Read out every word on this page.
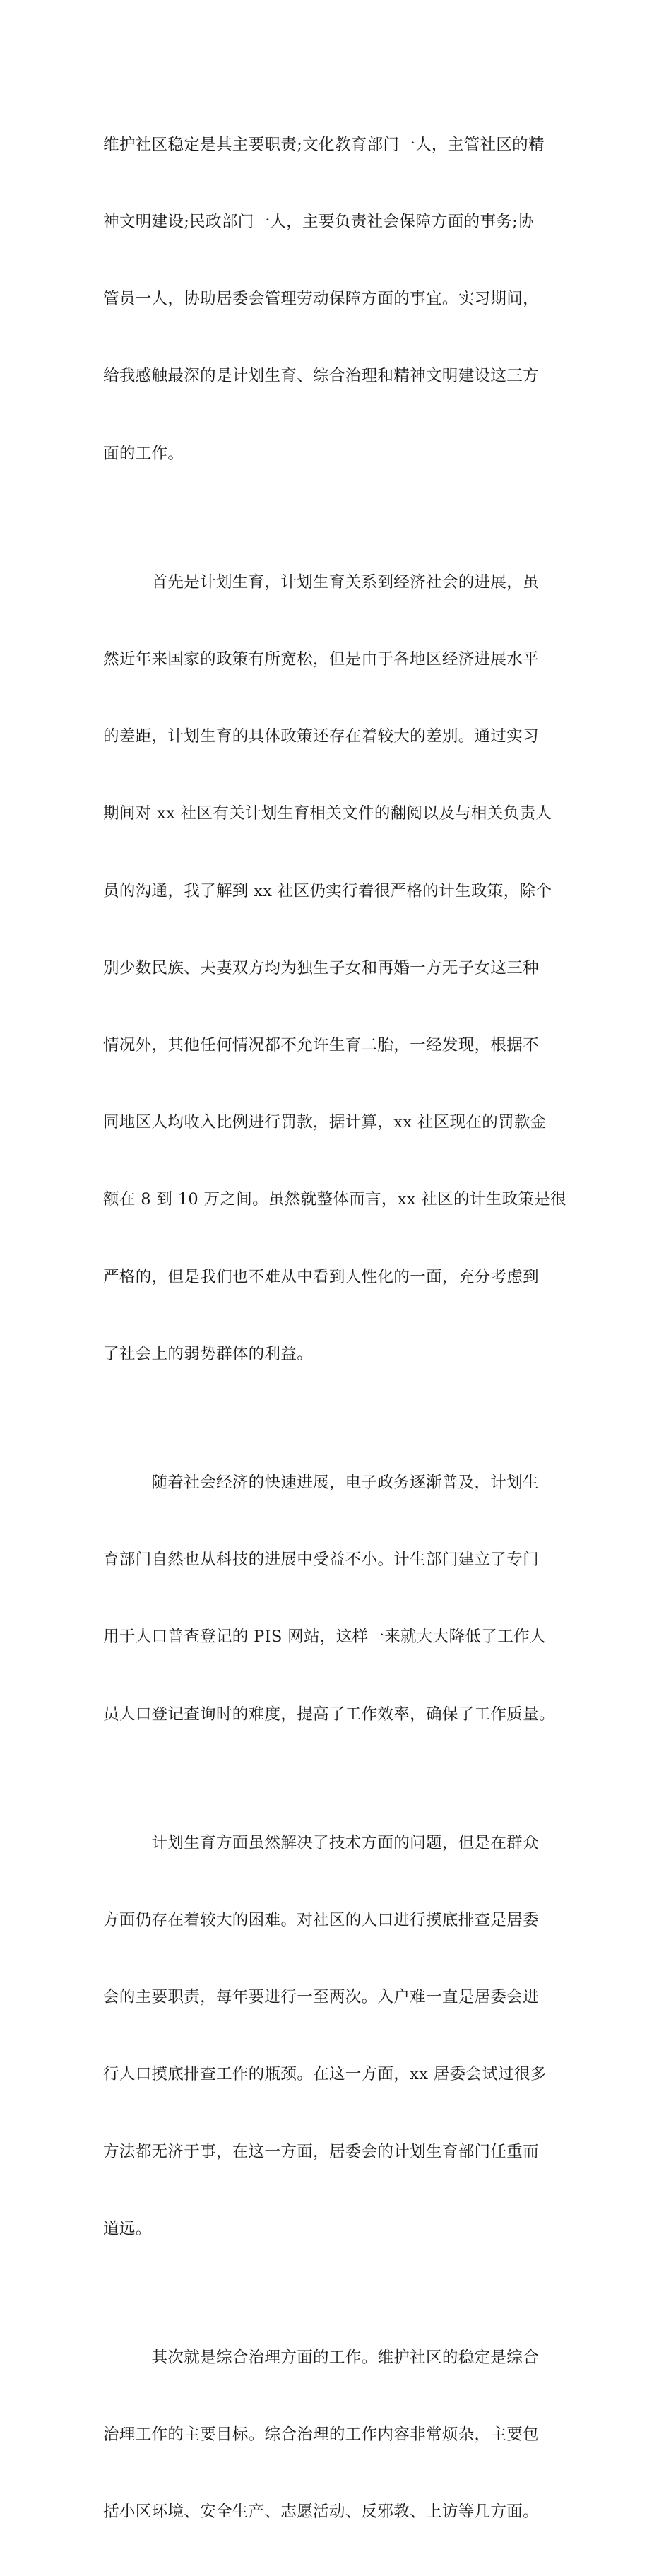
维护社区稳定是其主要职责;文化教育部门一人，主管社区的精

神文明建设;民政部门一人，主要负责社会保障方面的事务;协

管员一人，协助居委会管理劳动保障方面的事宜。实习期间，

给我感触最深的是计划生育、综合治理和精神文明建设这三方

面的工作。

　　　首先是计划生育，计划生育关系到经济社会的进展，虽

然近年来国家的政策有所宽松，但是由于各地区经济进展水平

的差距，计划生育的具体政策还存在着较大的差别。通过实习

期间对 xx 社区有关计划生育相关文件的翻阅以及与相关负责人

员的沟通，我了解到 xx 社区仍实行着很严格的计生政策，除个

别少数民族、夫妻双方均为独生子女和再婚一方无子女这三种

情况外，其他任何情况都不允许生育二胎，一经发现，根据不

同地区人均收入比例进行罚款，据计算，xx 社区现在的罚款金

额在 8 到 10 万之间。虽然就整体而言，xx 社区的计生政策是很

严格的，但是我们也不难从中看到人性化的一面，充分考虑到

了社会上的弱势群体的利益。

　　　随着社会经济的快速进展，电子政务逐渐普及，计划生

育部门自然也从科技的进展中受益不小。计生部门建立了专门

用于人口普查登记的 PIS 网站，这样一来就大大降低了工作人

员人口登记查询时的难度，提高了工作效率，确保了工作质量。

　　　计划生育方面虽然解决了技术方面的问题，但是在群众

方面仍存在着较大的困难。对社区的人口进行摸底排查是居委

会的主要职责，每年要进行一至两次。入户难一直是居委会进

行人口摸底排查工作的瓶颈。在这一方面，xx 居委会试过很多

方法都无济于事，在这一方面，居委会的计划生育部门任重而

道远。

　　　其次就是综合治理方面的工作。维护社区的稳定是综合

治理工作的主要目标。综合治理的工作内容非常烦杂，主要包

括小区环境、安全生产、志愿活动、反邪教、上访等几方面。
